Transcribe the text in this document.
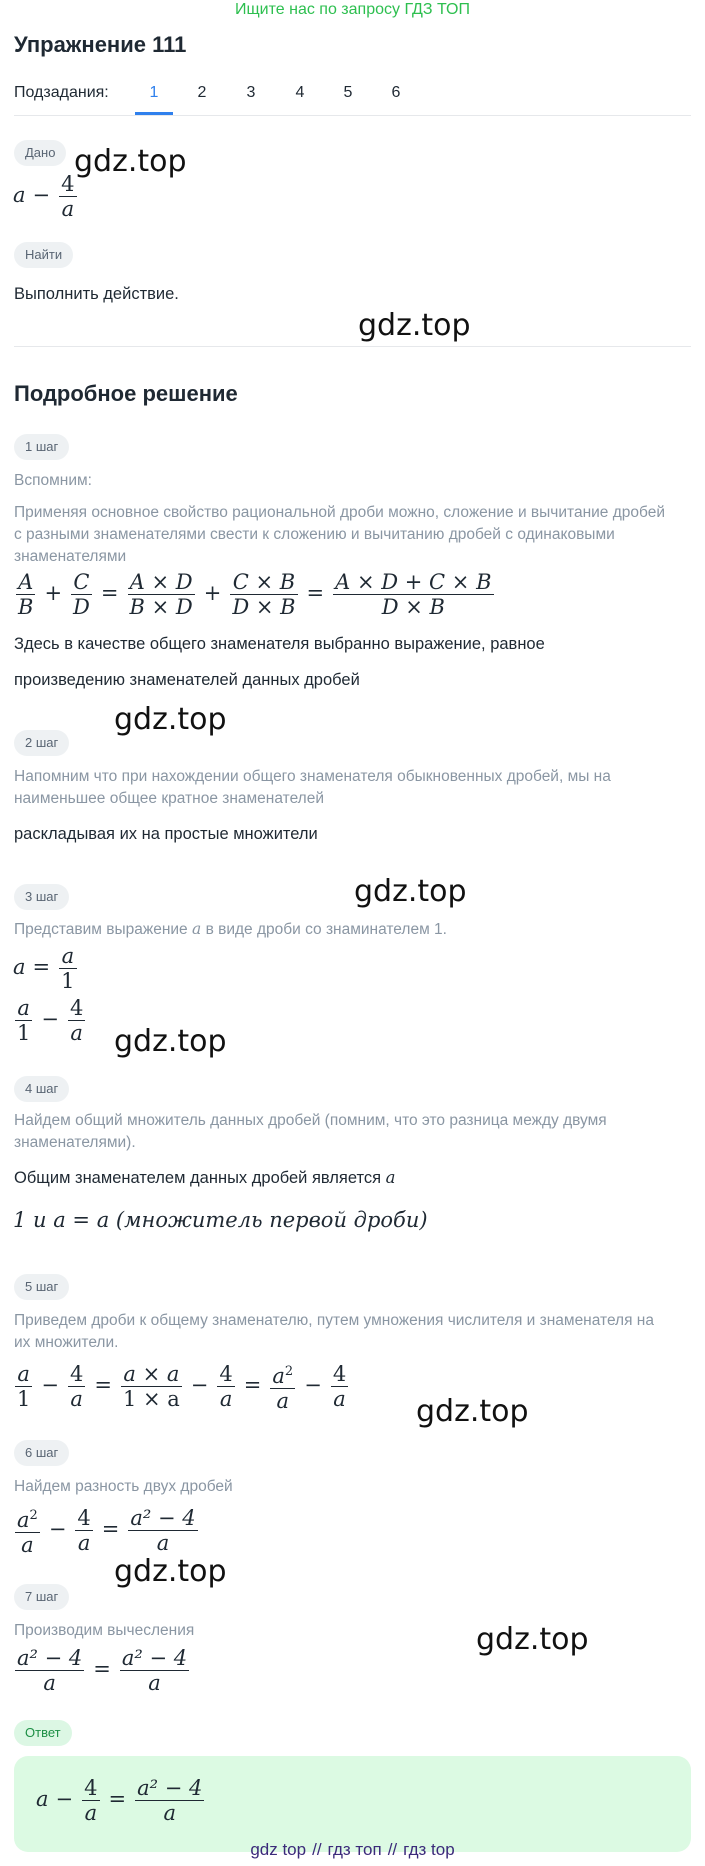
Ищите нас по запросу ГДЗ ТОП
Упражнение 111
Подзадания:	1	2	3	4	5	6
Дано gdz.top
$a - \frac{4}{a}$
Найти
Выполнить действие.
gdz.top
Подробное решение
1 шаг
Вспомним:
Применяя основное свойство рациональной дроби можно, сложение и вычитание дробей с разными знаменателями свести к сложению и вычитанию дробей с одинаковыми знаменателями
$\frac{A}{B} + \frac{C}{D} = \frac{A \times D}{B \times D} + \frac{C \times B}{D \times B} = \frac{A \times D + C \times B}{D \times B}$
Здесь в качестве общего знаменателя выбранно выражение, равное
произведению знаменателей данных дробей
gdz.top
2 шаг
Напомним что при нахождении общего знаменателя обыкновенных дробей, мы на наименьшее общее кратное знаменателей
раскладывая их на простые множители
3 шаг	gdz.top
Представим выражение a в виде дроби со знаминателем 1.
$a = \frac{a}{1}$
$\frac{a}{1} - \frac{4}{a} gdz.top$
4 шаг
Найдем общий множитель данных дробей (помним, что это разница между двумя знаменателями).
Общим знаменателем данных дробей является a
1 и a = a (множитель первой дроби)
5 шаг
Приведем дроби к общему знаменателю, путем умножения числителя и знаменателя на их множители.
$\frac{a}{1} - \frac{4}{a} = \frac{a \times a}{1 \times a} - \frac{4}{a} = \frac{a^2}{a} - \frac{4}{a}$
gdz.top
6 шаг
Найдем разность двух дробей
$\frac{a^2}{a} - \frac{4}{a} = \frac{\text{a² − 4}}{a}$
gdz.top
7 шаг
Производим вычесления	gdz.top
$\frac{\text{a² − 4}}{a} = \frac{\text{a² − 4}}{a}$
Ответ
$a - \frac{4}{a} = \frac{\text{a² − 4}}{a}$
gdz top // гдз топ // гдз top
